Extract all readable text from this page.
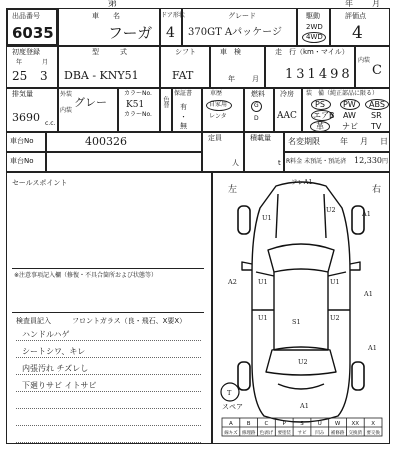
第	年 月
出品番号
6035
車　　名
フーガ
ドア形状
4
グレード
370GT Aパッケージ
駆動
2WD
4WD
評価点
4
初度登録
年	月
25 3
型　　　式
DBA - KNY51
シフト
FAT
車　検
年 月
走　行（km・マイル）
131498
内装
C
排気量
3690 c.c.
外装
内装
グレー
カラーNo.
K51
カラーNo.
色替
保証書
有
・
無
車歴
自家用
レンタ
燃料
G
D
冷房
AAC
装　備（純正部品に限る）
PS PW ABS
エアB AW SR
革 ナビ TV
車台No	400326
車台No
定員
人
積載量
t
名変期限	年 月 日
R料金 未預託・預託済 12,330 円
セールスポイント
※注意事項記入欄（修復・不具合箇所および状態等）
検査員記入	フロントガラス（良・飛石、X要X）
ハンドルハゲ
シートシワ、キレ
内張汚れ チズレし
下廻りサビ イトサビ
左	右
A	B	C	P	S	U W XX X
線キズ 修理跡 色剥げ 要塗装 サビ 凹み 補修跡 交換済 要交換
フレA1
U1
U2	A1
A2	U1	U1
U1	U2
U2
S1
A1
A1
A1
T
スペア
